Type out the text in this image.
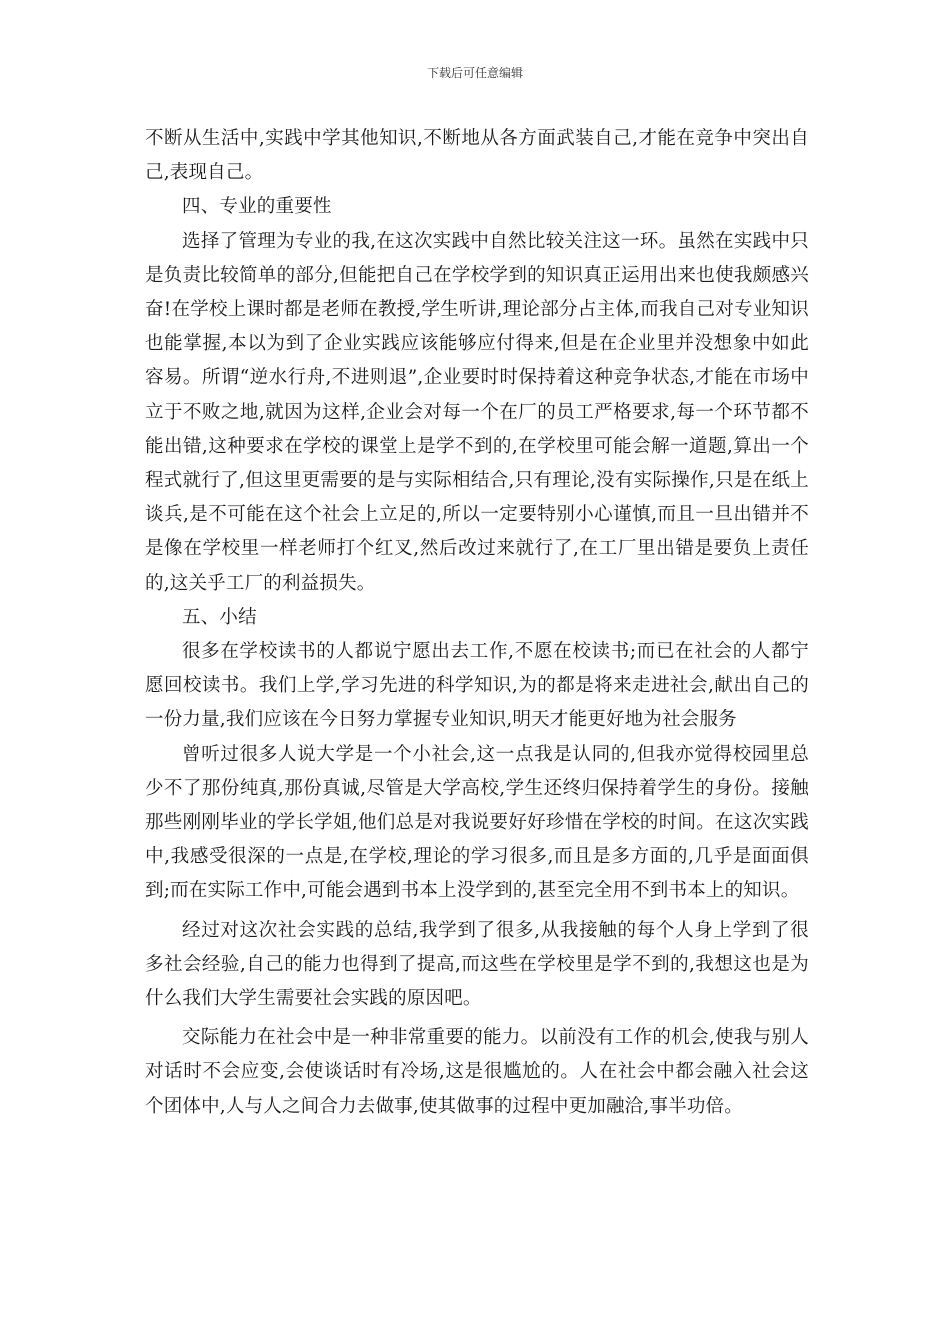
下载后可任意编辑

不断从生活中,实践中学其他知识,不断地从各方面武装自己,才能在竞争中突出自己,表现自己。

四、专业的重要性

选择了管理为专业的我,在这次实践中自然比较关注这一环。虽然在实践中只是负责比较简单的部分,但能把自己在学校学到的知识真正运用出来也使我颇感兴奋!在学校上课时都是老师在教授,学生听讲,理论部分占主体,而我自己对专业知识也能掌握,本以为到了企业实践应该能够应付得来,但是在企业里并没想象中如此容易。所谓“逆水行舟,不进则退”,企业要时时保持着这种竞争状态,才能在市场中立于不败之地,就因为这样,企业会对每一个在厂的员工严格要求,每一个环节都不能出错,这种要求在学校的课堂上是学不到的,在学校里可能会解一道题,算出一个程式就行了,但这里更需要的是与实际相结合,只有理论,没有实际操作,只是在纸上谈兵,是不可能在这个社会上立足的,所以一定要特别小心谨慎,而且一旦出错并不是像在学校里一样老师打个红叉,然后改过来就行了,在工厂里出错是要负上责任的,这关乎工厂的利益损失。

五、小结

很多在学校读书的人都说宁愿出去工作,不愿在校读书;而已在社会的人都宁愿回校读书。我们上学,学习先进的科学知识,为的都是将来走进社会,献出自己的一份力量,我们应该在今日努力掌握专业知识,明天才能更好地为社会服务

曾听过很多人说大学是一个小社会,这一点我是认同的,但我亦觉得校园里总少不了那份纯真,那份真诚,尽管是大学高校,学生还终归保持着学生的身份。接触那些刚刚毕业的学长学姐,他们总是对我说要好好珍惜在学校的时间。在这次实践中,我感受很深的一点是,在学校,理论的学习很多,而且是多方面的,几乎是面面俱到;而在实际工作中,可能会遇到书本上没学到的,甚至完全用不到书本上的知识。

经过对这次社会实践的总结,我学到了很多,从我接触的每个人身上学到了很多社会经验,自己的能力也得到了提高,而这些在学校里是学不到的,我想这也是为什么我们大学生需要社会实践的原因吧。

交际能力在社会中是一种非常重要的能力。以前没有工作的机会,使我与别人对话时不会应变,会使谈话时有冷场,这是很尴尬的。人在社会中都会融入社会这个团体中,人与人之间合力去做事,使其做事的过程中更加融洽,事半功倍。
